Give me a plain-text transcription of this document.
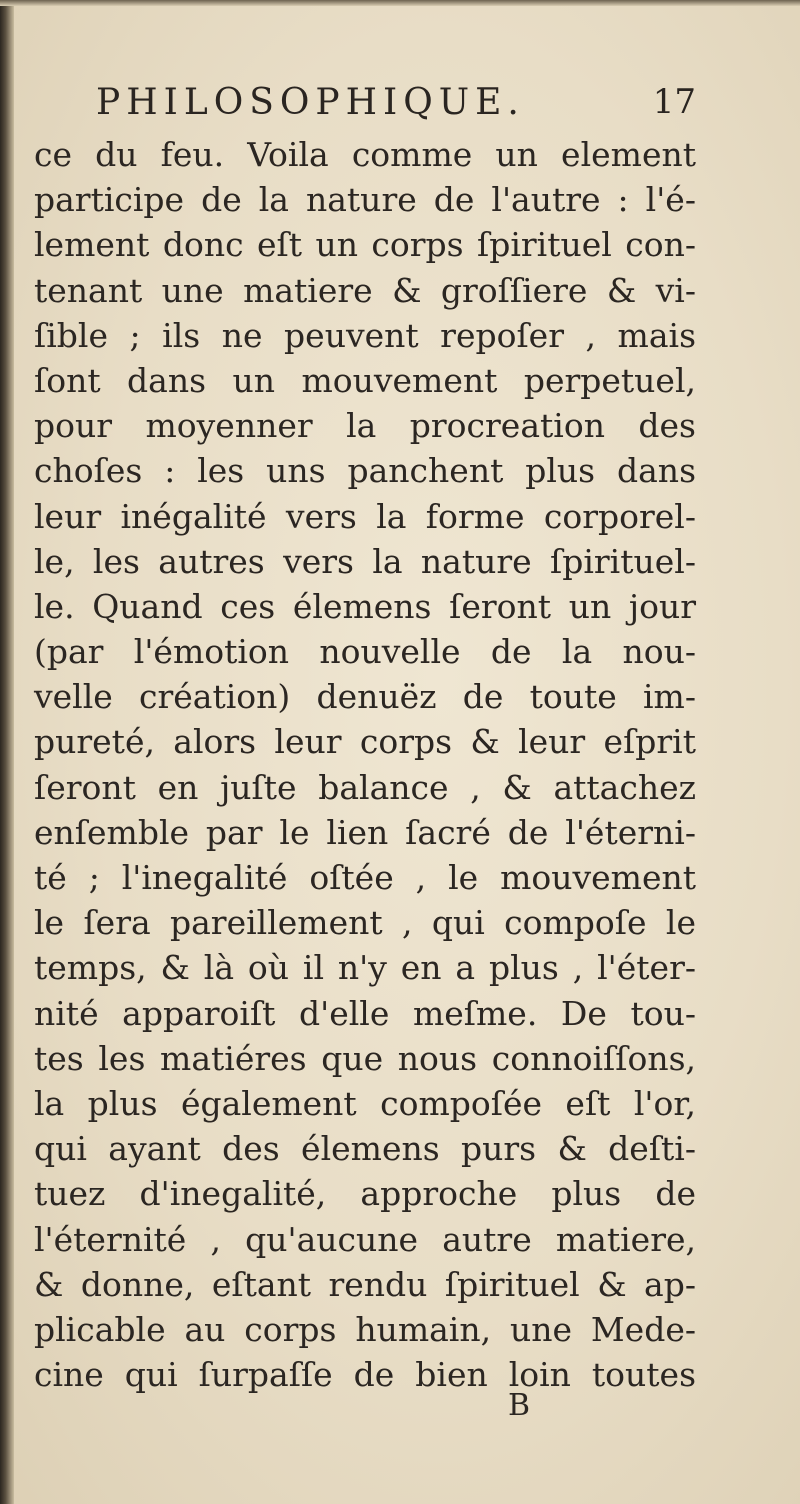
PHILOSOPHIQUE.	17
ce du feu. Voila comme un element
participe de la nature de l'autre : l'é-
lement donc eſt un corps ſpirituel con-
tenant une matiere & groſſiere & vi-
ſible ; ils ne peuvent repoſer , mais
ſont dans un mouvement perpetuel,
pour moyenner la procreation des
choſes : les uns panchent plus dans
leur inégalité vers la forme corporel-
le, les autres vers la nature ſpirituel-
le. Quand ces élemens ſeront un jour
(par l'émotion nouvelle de la nou-
velle création) denuëz de toute im-
pureté, alors leur corps & leur eſprit
ſeront en juſte balance , & attachez
enſemble par le lien ſacré de l'éterni-
té ; l'inegalité oſtée , le mouvement
le ſera pareillement , qui compoſe le
temps, & là où il n'y en a plus , l'éter-
nité apparoiſt d'elle meſme. De tou-
tes les matiéres que nous connoiſſons,
la plus également compoſée eſt l'or,
qui ayant des élemens purs & deſti-
tuez d'inegalité, approche plus de
l'éternité , qu'aucune autre matiere,
& donne, eſtant rendu ſpirituel & ap-
plicable au corps humain, une Mede-
cine qui ſurpaſſe de bien loin toutes
B
